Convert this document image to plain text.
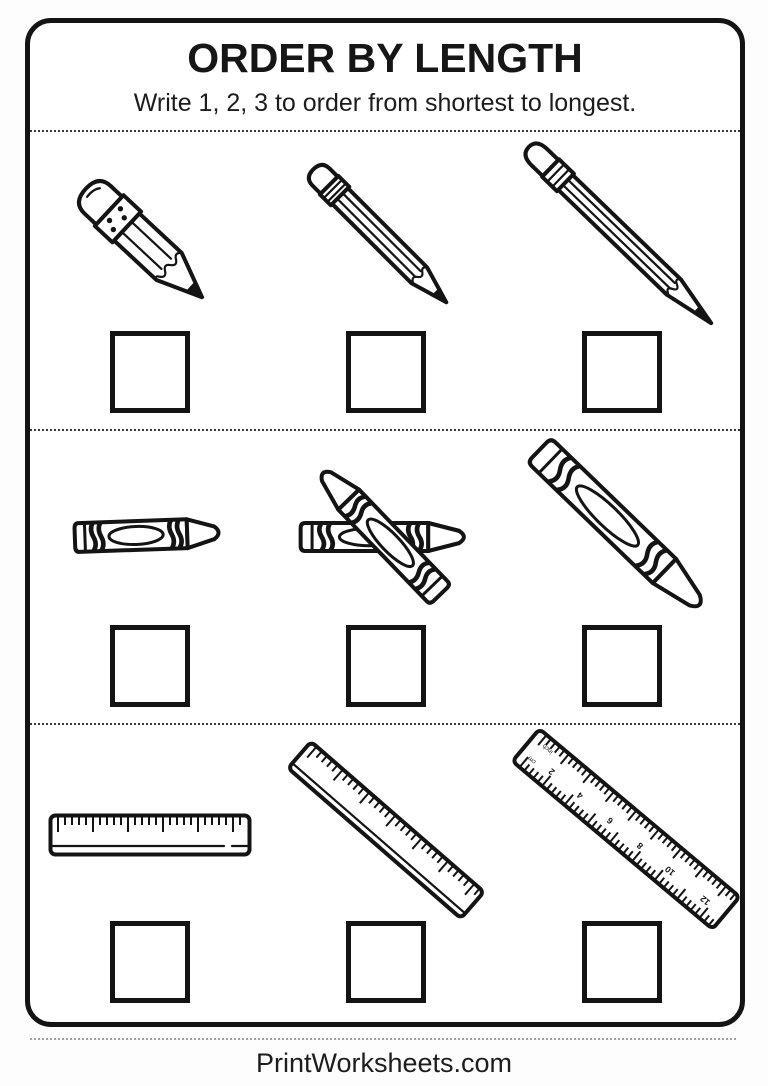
ORDER BY LENGTH

Write 1, 2, 3 to order from shortest to longest.

inch
cm
2
4
6
8
10
12
PrintWorksheets.com
